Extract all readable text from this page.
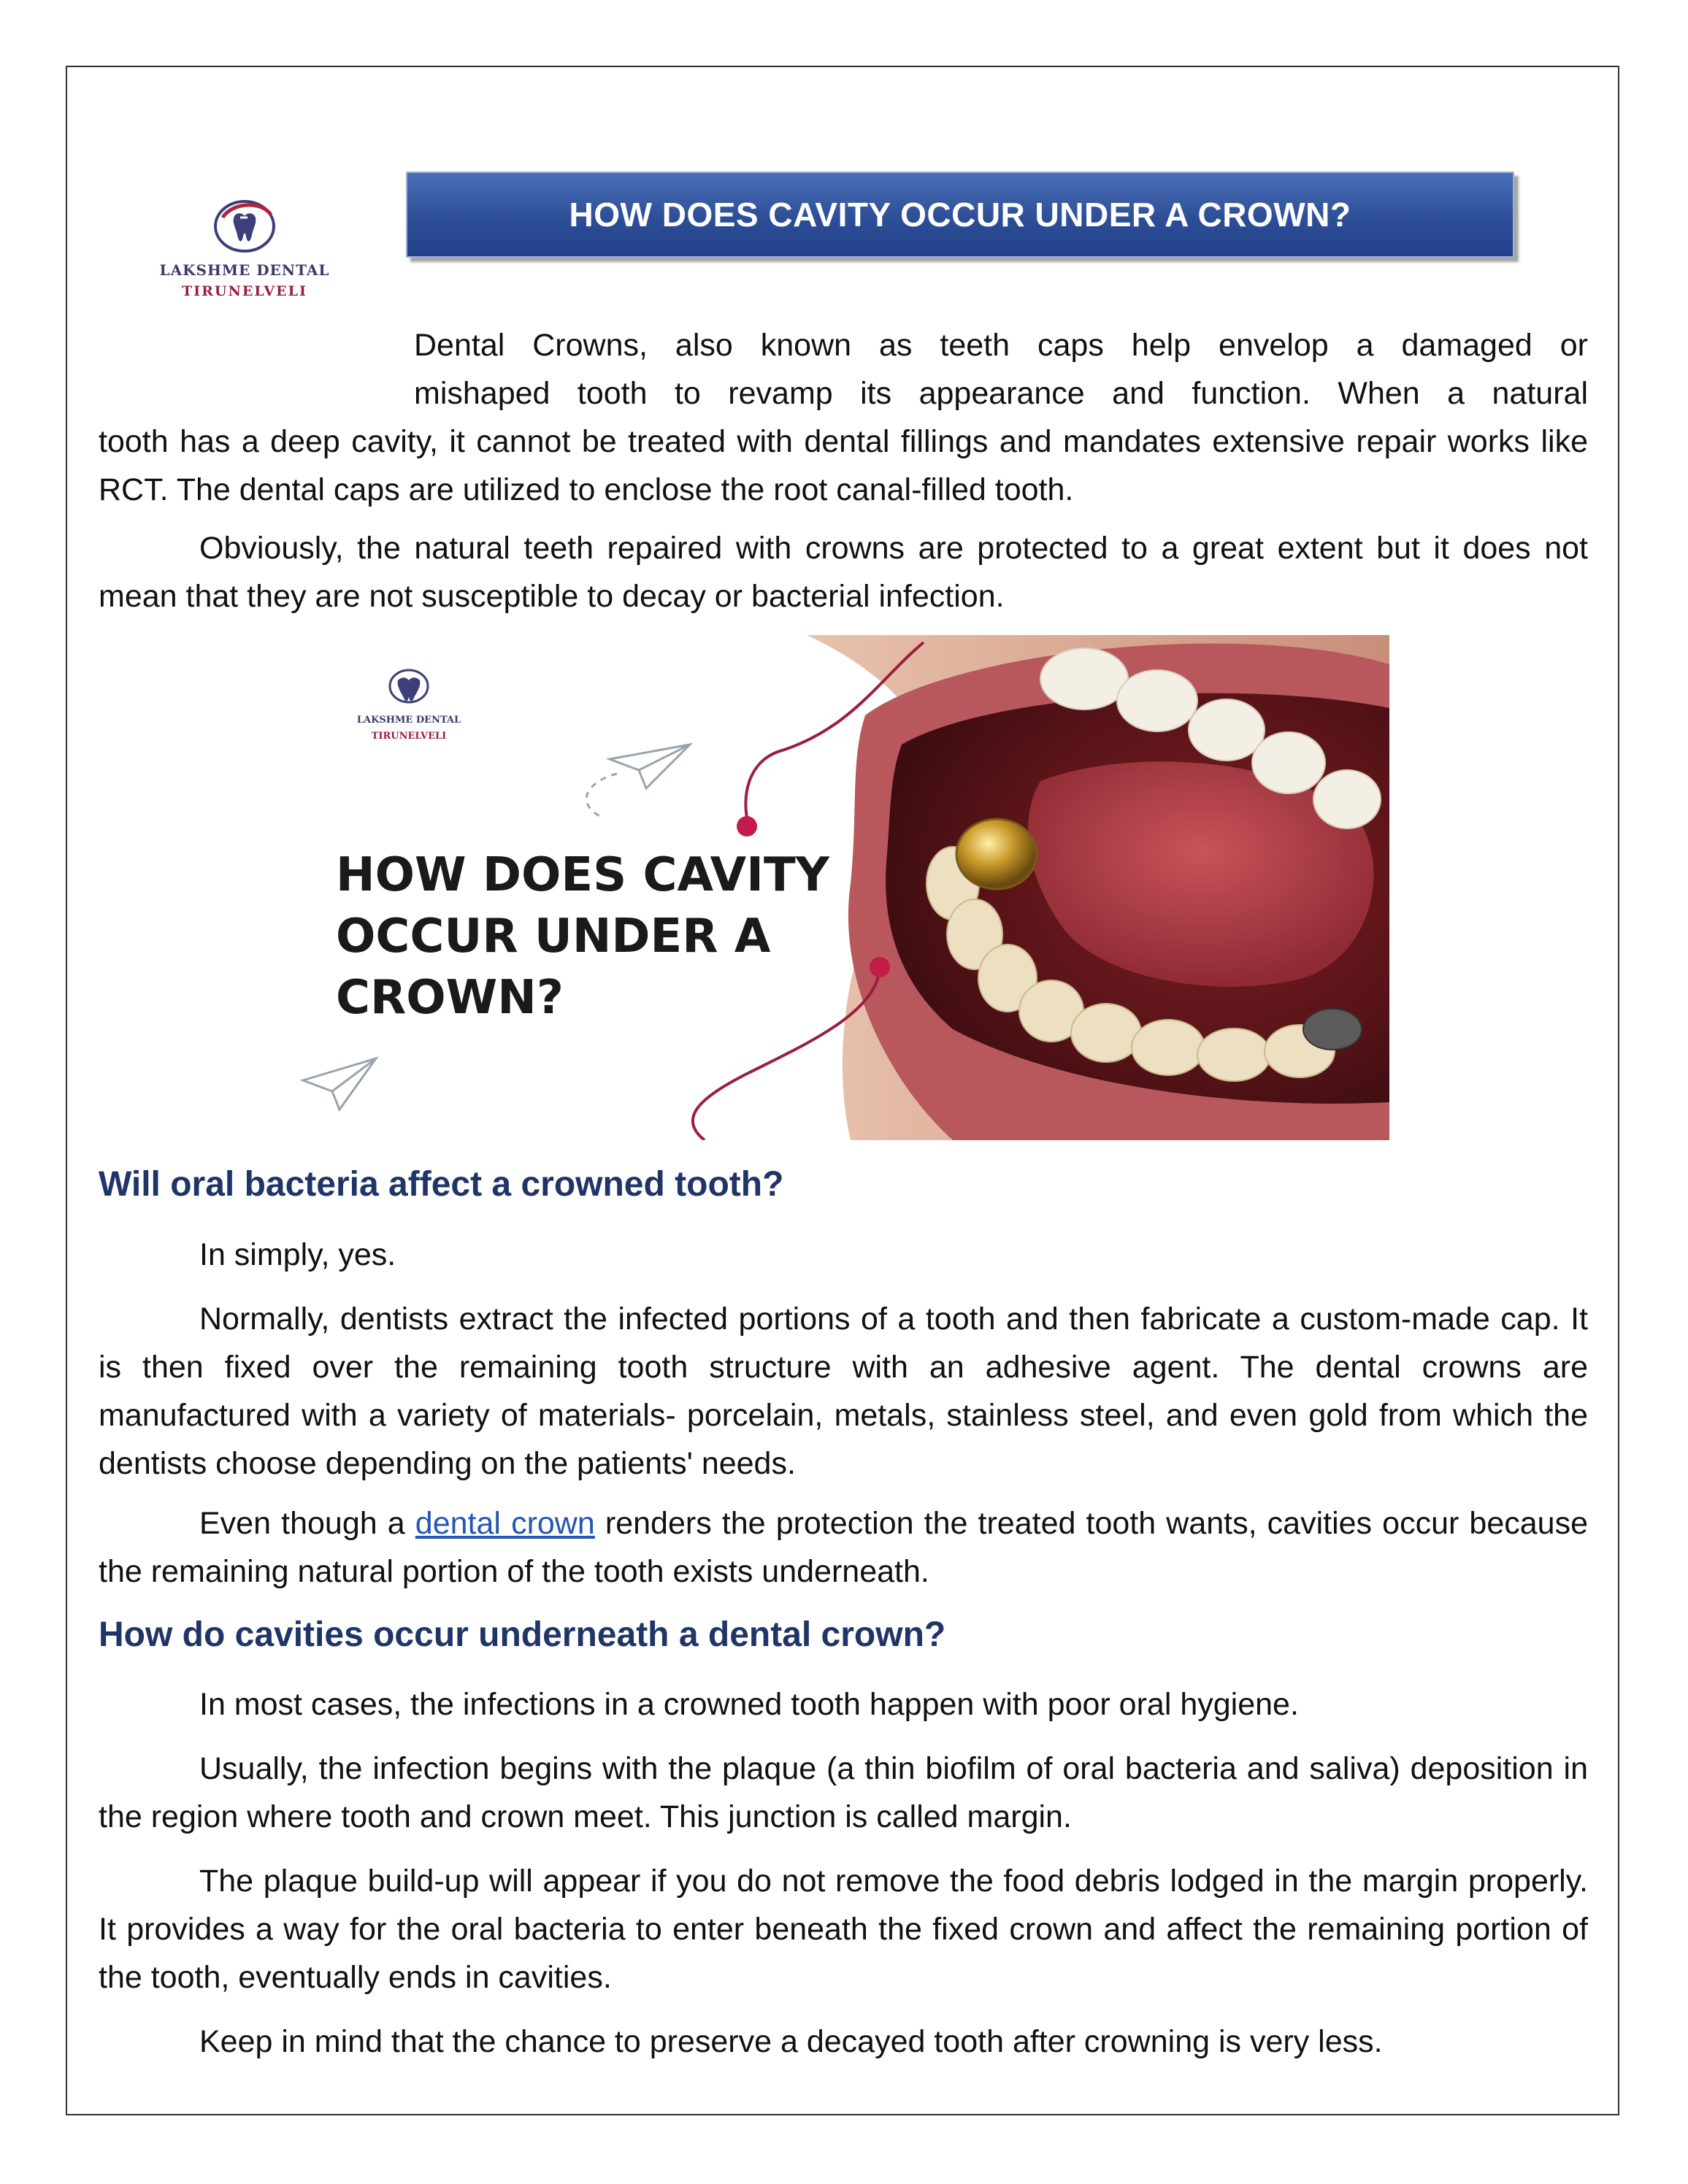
LAKSHME DENTAL
TIRUNELVELI
HOW DOES CAVITY OCCUR UNDER A CROWN?
Dental Crowns, also known as teeth caps help envelop a damaged or
mishaped tooth to revamp its appearance and function. When a natural
tooth has a deep cavity, it cannot be treated with dental fillings and mandates extensive repair works like RCT. The dental caps are utilized to enclose the root canal-filled tooth.
Obviously, the natural teeth repaired with crowns are protected to a great extent but it does not mean that they are not susceptible to decay or bacterial infection.
LAKSHME DENTAL
TIRUNELVELI
HOW DOES CAVITY
OCCUR UNDER A
CROWN?
Will oral bacteria affect a crowned tooth?
In simply, yes.
Normally, dentists extract the infected portions of a tooth and then fabricate a custom-made cap. It is then fixed over the remaining tooth structure with an adhesive agent. The dental crowns are manufactured with a variety of materials- porcelain, metals, stainless steel, and even gold from which the dentists choose depending on the patients' needs.
Even though a dental crown renders the protection the treated tooth wants, cavities occur because the remaining natural portion of the tooth exists underneath.
How do cavities occur underneath a dental crown?
In most cases, the infections in a crowned tooth happen with poor oral hygiene.
Usually, the infection begins with the plaque (a thin biofilm of oral bacteria and saliva) deposition in the region where tooth and crown meet. This junction is called margin.
The plaque build-up will appear if you do not remove the food debris lodged in the margin properly. It provides a way for the oral bacteria to enter beneath the fixed crown and affect the remaining portion of the tooth, eventually ends in cavities.
Keep in mind that the chance to preserve a decayed tooth after crowning is very less.
